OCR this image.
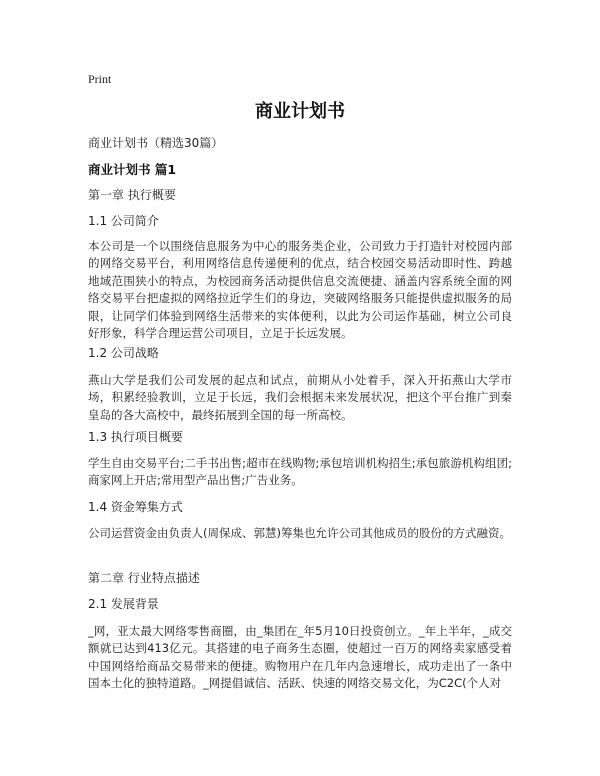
Print
商业计划书
商业计划书（精选30篇）
商业计划书 篇1
第一章 执行概要
1.1 公司简介
本公司是一个以围绕信息服务为中心的服务类企业，公司致力于打造针对校园内部的网络交易平台，利用网络信息传递便利的优点，结合校园交易活动即时性、跨越地域范围狭小的特点，为校园商务活动提供信息交流便捷、涵盖内容系统全面的网络交易平台把虚拟的网络拉近学生们的身边，突破网络服务只能提供虚拟服务的局限，让同学们体验到网络生活带来的实体便利，以此为公司运作基础，树立公司良好形象，科学合理运营公司项目，立足于长远发展。
1.2 公司战略
燕山大学是我们公司发展的起点和试点，前期从小处着手，深入开拓燕山大学市场，积累经验教训，立足于长远，我们会根据未来发展状况，把这个平台推广到秦皇岛的各大高校中，最终拓展到全国的每一所高校。
1.3 执行项目概要
学生自由交易平台;二手书出售;超市在线购物;承包培训机构招生;承包旅游机构组团;商家网上开店;常用型产品出售;广告业务。
1.4 资金筹集方式
公司运营资金由负责人(周保成、郭慧)筹集也允许公司其他成员的股份的方式融资。
第二章 行业特点描述
2.1 发展背景
_网，亚太最大网络零售商圈，由_集团在_年5月10日投资创立。_年上半年，_成交额就已达到413亿元。其搭建的电子商务生态圈，使超过一百万的网络卖家感受着中国网络给商品交易带来的便捷。购物用户在几年内急速增长，成功走出了一条中国本土化的独特道路。_网提倡诚信、活跃、快速的网络交易文化，为C2C(个人对
